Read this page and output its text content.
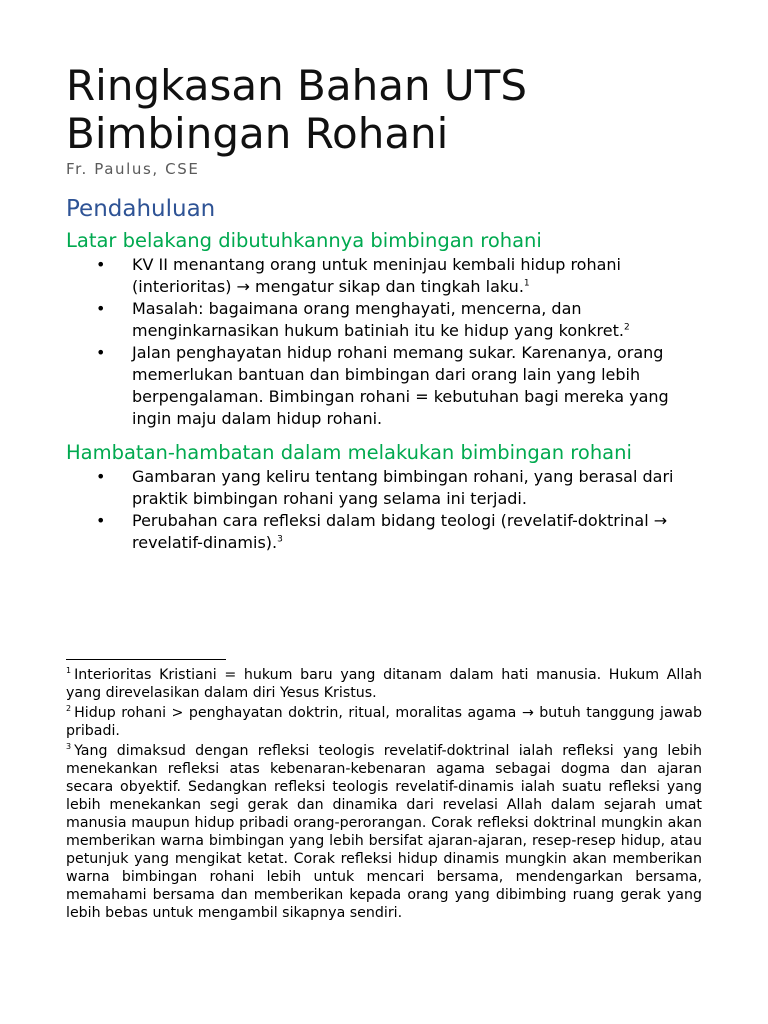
Ringkasan Bahan UTS
Bimbingan Rohani
Fr. Paulus, CSE
Pendahuluan
Latar belakang dibutuhkannya bimbingan rohani
• KV II menantang orang untuk meninjau kembali hidup rohani (interioritas) → mengatur sikap dan tingkah laku.$^1$
• Masalah: bagaimana orang menghayati, mencerna, dan menginkarnasikan hukum batiniah itu ke hidup yang konkret.$^2$
• Jalan penghayatan hidup rohani memang sukar. Karenanya, orang memerlukan bantuan dan bimbingan dari orang lain yang lebih berpengalaman. Bimbingan rohani = kebutuhan bagi mereka yang ingin maju dalam hidup rohani.
Hambatan-hambatan dalam melakukan bimbingan rohani
• Gambaran yang keliru tentang bimbingan rohani, yang berasal dari praktik bimbingan rohani yang selama ini terjadi.
• Perubahan cara refleksi dalam bidang teologi (revelatif-doktrinal → revelatif-dinamis).$^3$
$^1$ Interioritas Kristiani = hukum baru yang ditanam dalam hati manusia. Hukum Allah yang direvelasikan dalam diri Yesus Kristus.
$^2$ Hidup rohani > penghayatan doktrin, ritual, moralitas agama → butuh tanggung jawab pribadi.
$^3$ Yang dimaksud dengan refleksi teologis revelatif-doktrinal ialah refleksi yang lebih menekankan refleksi atas kebenaran-kebenaran agama sebagai dogma dan ajaran secara obyektif. Sedangkan refleksi teologis revelatif-dinamis ialah suatu refleksi yang lebih menekankan segi gerak dan dinamika dari revelasi Allah dalam sejarah umat manusia maupun hidup pribadi orang-perorangan. Corak refleksi doktrinal mungkin akan memberikan warna bimbingan yang lebih bersifat ajaran-ajaran, resep-resep hidup, atau petunjuk yang mengikat ketat. Corak refleksi hidup dinamis mungkin akan memberikan warna bimbingan rohani lebih untuk mencari bersama, mendengarkan bersama, memahami bersama dan memberikan kepada orang yang dibimbing ruang gerak yang lebih bebas untuk mengambil sikapnya sendiri.
